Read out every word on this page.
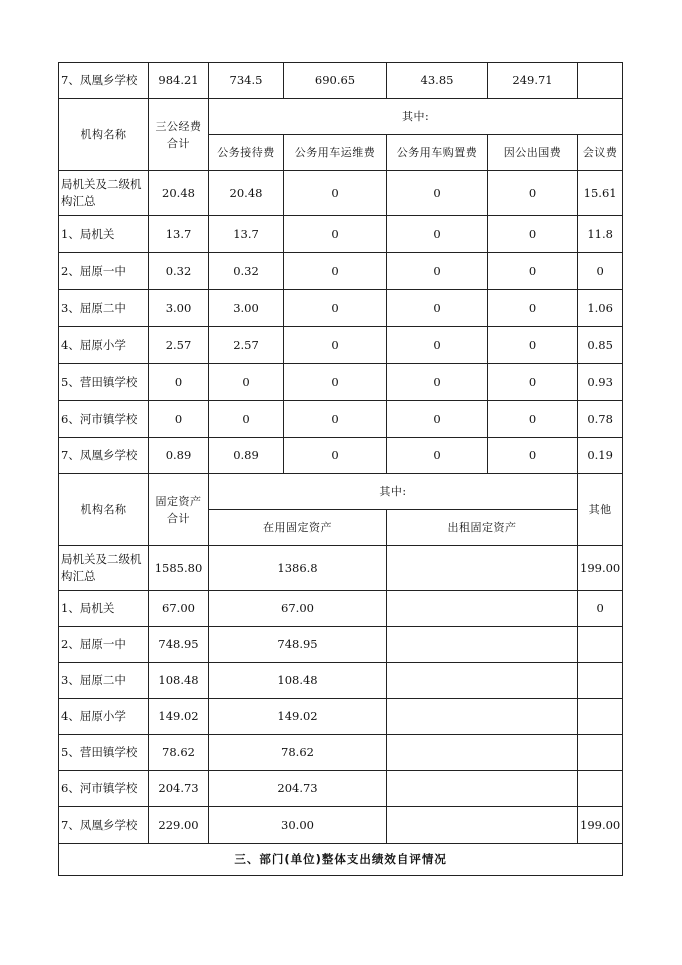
7、凤凰乡学校	984.21	734.5	690.65	43.85	249.71	
机构名称	三公经费合计	其中:				
		公务接待费	公务用车运维费	公务用车购置费	因公出国费	会议费
局机关及二级机构汇总	20.48	20.48	0	0	0	15.61
1、局机关	13.7	13.7	0	0	0	11.8
2、屈原一中	0.32	0.32	0	0	0	0
3、屈原二中	3.00	3.00	0	0	0	1.06
4、屈原小学	2.57	2.57	0	0	0	0.85
5、营田镇学校	0	0	0	0	0	0.93
6、河市镇学校	0	0	0	0	0	0.78
7、凤凰乡学校	0.89	0.89	0	0	0	0.19
机构名称	固定资产合计	其中:				其他
		在用固定资产		出租固定资产		
局机关及二级机构汇总	1585.80	1386.8				199.00
1、局机关	67.00	67.00				0
2、屈原一中	748.95	748.95				
3、屈原二中	108.48	108.48				
4、屈原小学	149.02	149.02				
5、营田镇学校	78.62	78.62				
6、河市镇学校	204.73	204.73				
7、凤凰乡学校	229.00	30.00				199.00
三、部门(单位)整体支出绩效自评情况						
